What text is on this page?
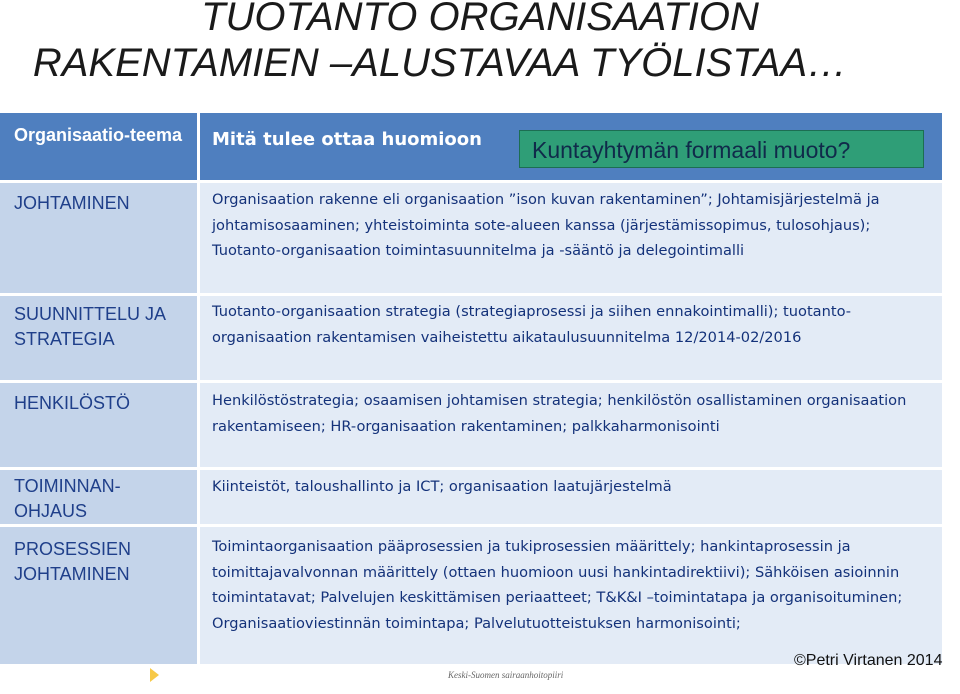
TUOTANTO ORGANISAATION
RAKENTAMIEN –ALUSTAVAA TYÖLISTAA…
Organisaatio-teema	Mitä tulee ottaa huomioon
JOHTAMINEN	Organisaation rakenne eli organisaation ”ison kuvan rakentaminen”; Johtamisjärjestelmä ja johtamisosaaminen; yhteistoiminta sote-alueen kanssa (järjestämissopimus, tulosohjaus); Tuotanto-organisaation toimintasuunnitelma ja -sääntö ja delegointimalli
SUUNNITTELU JA STRATEGIA	Tuotanto-organisaation strategia (strategiaprosessi ja siihen ennakointimalli); tuotanto-organisaation rakentamisen vaiheistettu aikataulusuunnitelma 12/2014-02/2016
HENKILÖSTÖ	Henkilöstöstrategia; osaamisen johtamisen strategia; henkilöstön osallistaminen organisaation rakentamiseen; HR-organisaation rakentaminen; palkkaharmonisointi
TOIMINNAN-OHJAUS	Kiinteistöt, taloushallinto ja ICT; organisaation laatujärjestelmä
PROSESSIEN JOHTAMINEN	Toimintaorganisaation pääprosessien ja tukiprosessien määrittely; hankintaprosessin ja toimittajavalvonnan määrittely (ottaen huomioon uusi hankintadirektiivi); Sähköisen asioinnin toimintatavat; Palvelujen keskittämisen periaatteet; T&K&I –toimintatapa ja organisoituminen; Organisaatioviestinnän toimintapa; Palvelutuotteistuksen harmonisointi;
Kuntayhtymän formaali muoto?
Keski-Suomen sairaanhoitopiiri
©Petri Virtanen 2014
